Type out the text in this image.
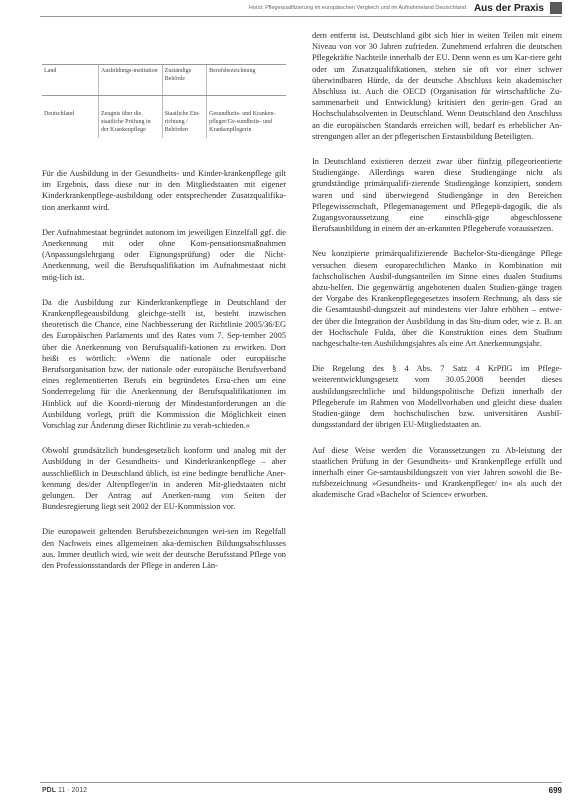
Horst: Pflegequalifizierung im europäischen Vergleich und im Aufnahmeland Deutschland Aus der Praxis
Land	Ausbildungs-institution	Zuständige Behörde	Berufsbezeichnung
Deutschland	Zeugnis über die staatliche Prüfung in der Krankenpflege	Staatliche Ein-richtung / Behörden	Gesundheits- und Kranken-pfleger/Ge-sundheits- und Krankenpflegerin

Für die Ausbildung in der Gesundheits- und Kinder-krankenpflege gilt im Ergebnis, dass diese nur in den Mitgliedstaaten mit eigener Kinderkrankenpflege-ausbildung oder entsprechender Zusatzqualifika-tion anerkannt wird.

Der Aufnahmestaat begründet autonom im jeweiligen Einzelfall ggf. die Anerkennung mit oder ohne Kom-pensationsmaßnahmen (Anpassungslehrgang oder Eignungsprüfung) oder die Nicht-Anerkennung, weil die Berufsqualifikation im Aufnahmestaat nicht mög-lich ist.

Da die Ausbildung zur Kinderkrankenpflege in Deutschland der Krankenpflegeausbildung gleichge-stellt ist, besteht inzwischen theoretisch die Chance, eine Nachbesserung der Richtlinie 2005/36/EG des Europäischen Parlaments und des Rates vom 7. Sep-tember 2005 über die Anerkennung von Berufsqualifi-kationen zu erwirken. Dort heißt es wörtlich: »Wenn die nationale oder europäische Berufsorganisation bzw. der nationale oder europäische Berufsverband eines reglementierten Berufs ein begründetes Ersu-chen um eine Sonderregelung für die Anerkennung der Berufsqualifikationen im Hinblick auf die Koordi-nierung der Mindestanforderungen an die Ausbildung vorlegt, prüft die Kommission die Möglichkeit einen Vorschlag zur Änderung dieser Richtlinie zu verab-schieden.«

Obwohl grundsätzlich bundesgesetzlich konform und analog mit der Ausbildung in der Gesundheits- und Kinderkrankenpflege – aber ausschließlich in Deutschland üblich, ist eine bedingte berufliche Aner-kennung des/der Altenpfleger/in in anderen Mit-gliedstaaten nicht gelungen. Der Antrag auf Anerken-nung von Seiten der Bundesregierung liegt seit 2002 der EU-Kommission vor.

Die europaweit geltenden Berufsbezeichnungen wei-sen im Regelfall den Nachweis eines allgemeinen aka-demischen Bildungsabschlusses aus. Immer deutlich wird, wie weit der deutsche Berufsstand Pflege von den Professionsstandards der Pflege in anderen Län-

dern entfernt ist. Deutschland gibt sich hier in weiten Teilen mit einem Niveau von vor 30 Jahren zufrieden. Zunehmend erfahren die deutschen Pflegekräfte Nachteile innerhalb der EU. Denn wenn es um Kar-riere geht oder um Zusatzqualifikationen, stehen sie oft vor einer schwer überwindbaren Hürde, da der deutsche Abschluss kein akademischer Abschluss ist. Auch die OECD (Organisation für wirtschaftliche Zu-sammenarbeit und Entwicklung) kritisiert den gerin-gen Grad an Hochschulabsolventen in Deutschland. Wenn Deutschland den Anschluss an die europäischen Standards erreichen will, bedarf es erheblicher An-strengungen aller an der pflegerischen Erstausbildung Beteiligten.

In Deutschland existieren derzeit zwar über fünfzig pflegeorientierte Studiengänge. Allerdings waren diese Studiengänge nicht als grundständige primärqualifi-zierende Studiengänge konzipiert, sondern waren und sind überwiegend Studiengänge in den Bereichen Pflegewissenschaft, Pflegemanagement und Pflegepä-dagogik, die als Zugangsvoraussetzung eine einschlä-gige abgeschlossene Berufsausbildung in einem der an-erkannten Pflegeberufe voraussetzen.

Neu konzipierte primärqualifizierende Bachelor-Stu-diengänge Pflege versuchen diesem europarechtlichen Manko in Kombination mit fachschulischen Ausbil-dungsanteilen im Sinne eines dualen Studiums abzu-helfen. Die gegenwärtig angebotenen dualen Studien-gänge tragen der Vorgabe des Krankenpflegegesetzes insofern Rechnung, als dass sie die Gesamtausbil-dungszeit auf mindestens vier Jahre erhöhen – entwe-der über die Integration der Ausbildung in das Stu-dium oder, wie z. B. an der Hochschule Fulda, über die Konstruktion eines dem Studium nachgeschalte-ten Ausbildungsjahres als eine Art Anerkennungsjahr.

Die Regelung des § 4 Abs. 7 Satz 4 KrPflG im Pflege-weiterentwicklungsgesetz vom 30.05.2008 beendet dieses ausbildungsrechtliche und bildungspolitische Defizit innerhalb der Pflegeberufe im Rahmen von Modellvorhaben und gleicht diese dualen Studien-gänge dem hochschulischen bzw. universitären Ausbil-dungsstandard der übrigen EU-Mitgliedstaaten an.

Auf diese Weise werden die Voraussetzungen zu Ab-leistung der staatlichen Prüfung in der Gesundheits- und Krankenpflege erfüllt und innerhalb einer Ge-samtausbildungszeit von vier Jahren sowohl die Be-rufsbezeichnung »Gesundheits- und Krankenpfleger/ in« als auch der akademische Grad »Bachelor of Science« erworben.

PDL 11 · 2012	699
